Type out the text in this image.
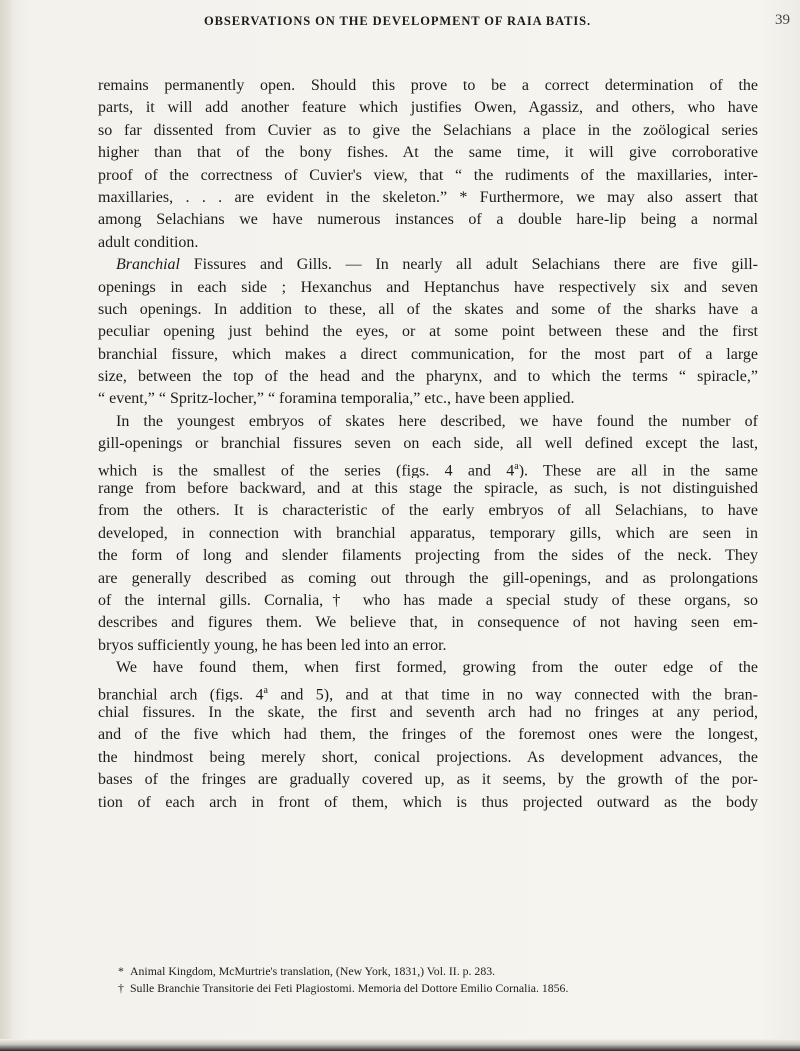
OBSERVATIONS ON THE DEVELOPMENT OF RAIA BATIS.	39
remains permanently open. Should this prove to be a correct determination of the
parts, it will add another feature which justifies Owen, Agassiz, and others, who have
so far dissented from Cuvier as to give the Selachians a place in the zoölogical series
higher than that of the bony fishes. At the same time, it will give corroborative
proof of the correctness of Cuvier's view, that “ the rudiments of the maxillaries, inter-
maxillaries, . . . are evident in the skeleton.” * Furthermore, we may also assert that
among Selachians we have numerous instances of a double hare-lip being a normal
adult condition.
Branchial Fissures and Gills. — In nearly all adult Selachians there are five gill-
openings in each side ; Hexanchus and Heptanchus have respectively six and seven
such openings. In addition to these, all of the skates and some of the sharks have a
peculiar opening just behind the eyes, or at some point between these and the first
branchial fissure, which makes a direct communication, for the most part of a large
size, between the top of the head and the pharynx, and to which the terms “ spiracle,”
“ event,” “ Spritz-locher,” “ foramina temporalia,” etc., have been applied.
In the youngest embryos of skates here described, we have found the number of
gill-openings or branchial fissures seven on each side, all well defined except the last,
which is the smallest of the series (figs. 4 and 4$^a$). These are all in the same
range from before backward, and at this stage the spiracle, as such, is not distinguished
from the others. It is characteristic of the early embryos of all Selachians, to have
developed, in connection with branchial apparatus, temporary gills, which are seen in
the form of long and slender filaments projecting from the sides of the neck. They
are generally described as coming out through the gill-openings, and as prolongations
of the internal gills. Cornalia,† who has made a special study of these organs, so
describes and figures them. We believe that, in consequence of not having seen em-
bryos sufficiently young, he has been led into an error.
We have found them, when first formed, growing from the outer edge of the
branchial arch (figs. 4$^a$ and 5), and at that time in no way connected with the bran-
chial fissures. In the skate, the first and seventh arch had no fringes at any period,
and of the five which had them, the fringes of the foremost ones were the longest,
the hindmost being merely short, conical projections. As development advances, the
bases of the fringes are gradually covered up, as it seems, by the growth of the por-
tion of each arch in front of them, which is thus projected outward as the body
* Animal Kingdom, McMurtrie's translation, (New York, 1831,) Vol. II. p. 283.
† Sulle Branchie Transitorie dei Feti Plagiostomi. Memoria del Dottore Emilio Cornalia. 1856.
